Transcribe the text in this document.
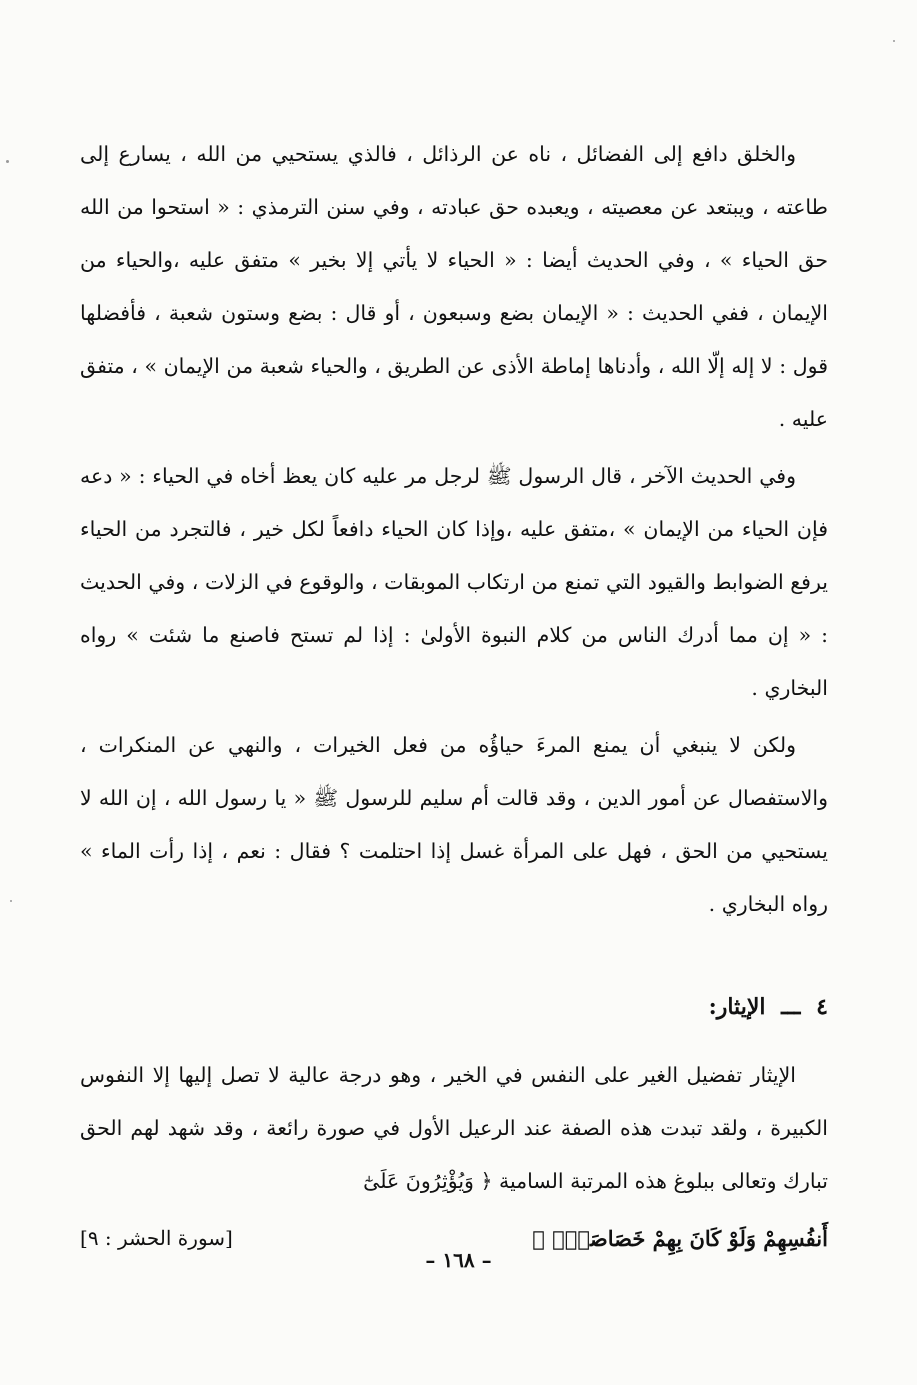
والخلق دافع إلى الفضائل ، ناه عن الرذائل ، فالذي يستحيي من الله ، يسارع إلى طاعته ، ويبتعد عن معصيته ، ويعبده حق عبادته ، وفي سنن الترمذي : « استحوا من الله حق الحياء » ، وفي الحديث أيضا : « الحياء لا يأتي إلا بخير » متفق عليه ،والحياء من الإيمان ، ففي الحديث : « الإيمان بضع وسبعون ، أو قال : بضع وستون شعبة ، فأفضلها قول : لا إله إلّا الله ، وأدناها إماطة الأذى عن الطريق ، والحياء شعبة من الإيمان » ، متفق عليه .

وفي الحديث الآخر ، قال الرسول ﷺ لرجل مر عليه كان يعظ أخاه في الحياء : « دعه فإن الحياء من الإيمان » ،متفق عليه ،وإذا كان الحياء دافعاً لكل خير ، فالتجرد من الحياء يرفع الضوابط والقيود التي تمنع من ارتكاب الموبقات ، والوقوع في الزلات ، وفي الحديث : « إن مما أدرك الناس من كلام النبوة الأولىٰ : إذا لم تستح فاصنع ما شئت » رواه البخاري .

ولكن لا ينبغي أن يمنع المرءَ حياؤُه من فعل الخيرات ، والنهي عن المنكرات ، والاستفصال عن أمور الدين ، وقد قالت أم سليم للرسول ﷺ « يا رسول الله ، إن الله لا يستحيي من الحق ، فهل على المرأة غسل إذا احتلمت ؟ فقال : نعم ، إذا رأت الماء » رواه البخاري .

٤ ـــ الإيثار:

الإيثار تفضيل الغير على النفس في الخير ، وهو درجة عالية لا تصل إليها إلا النفوس الكبيرة ، ولقد تبدت هذه الصفة عند الرعيل الأول في صورة رائعة ، وقد شهد لهم الحق تبارك وتعالى ببلوغ هذه المرتبة السامية ﴿ وَيُؤْثِرُونَ عَلَىٰٓ

أَنفُسِهِمْ وَلَوْ كَانَ بِهِمْ خَصَاصَةٌۚ ﴾
[سورة الحشر : ٩]
– ١٦٨ –
